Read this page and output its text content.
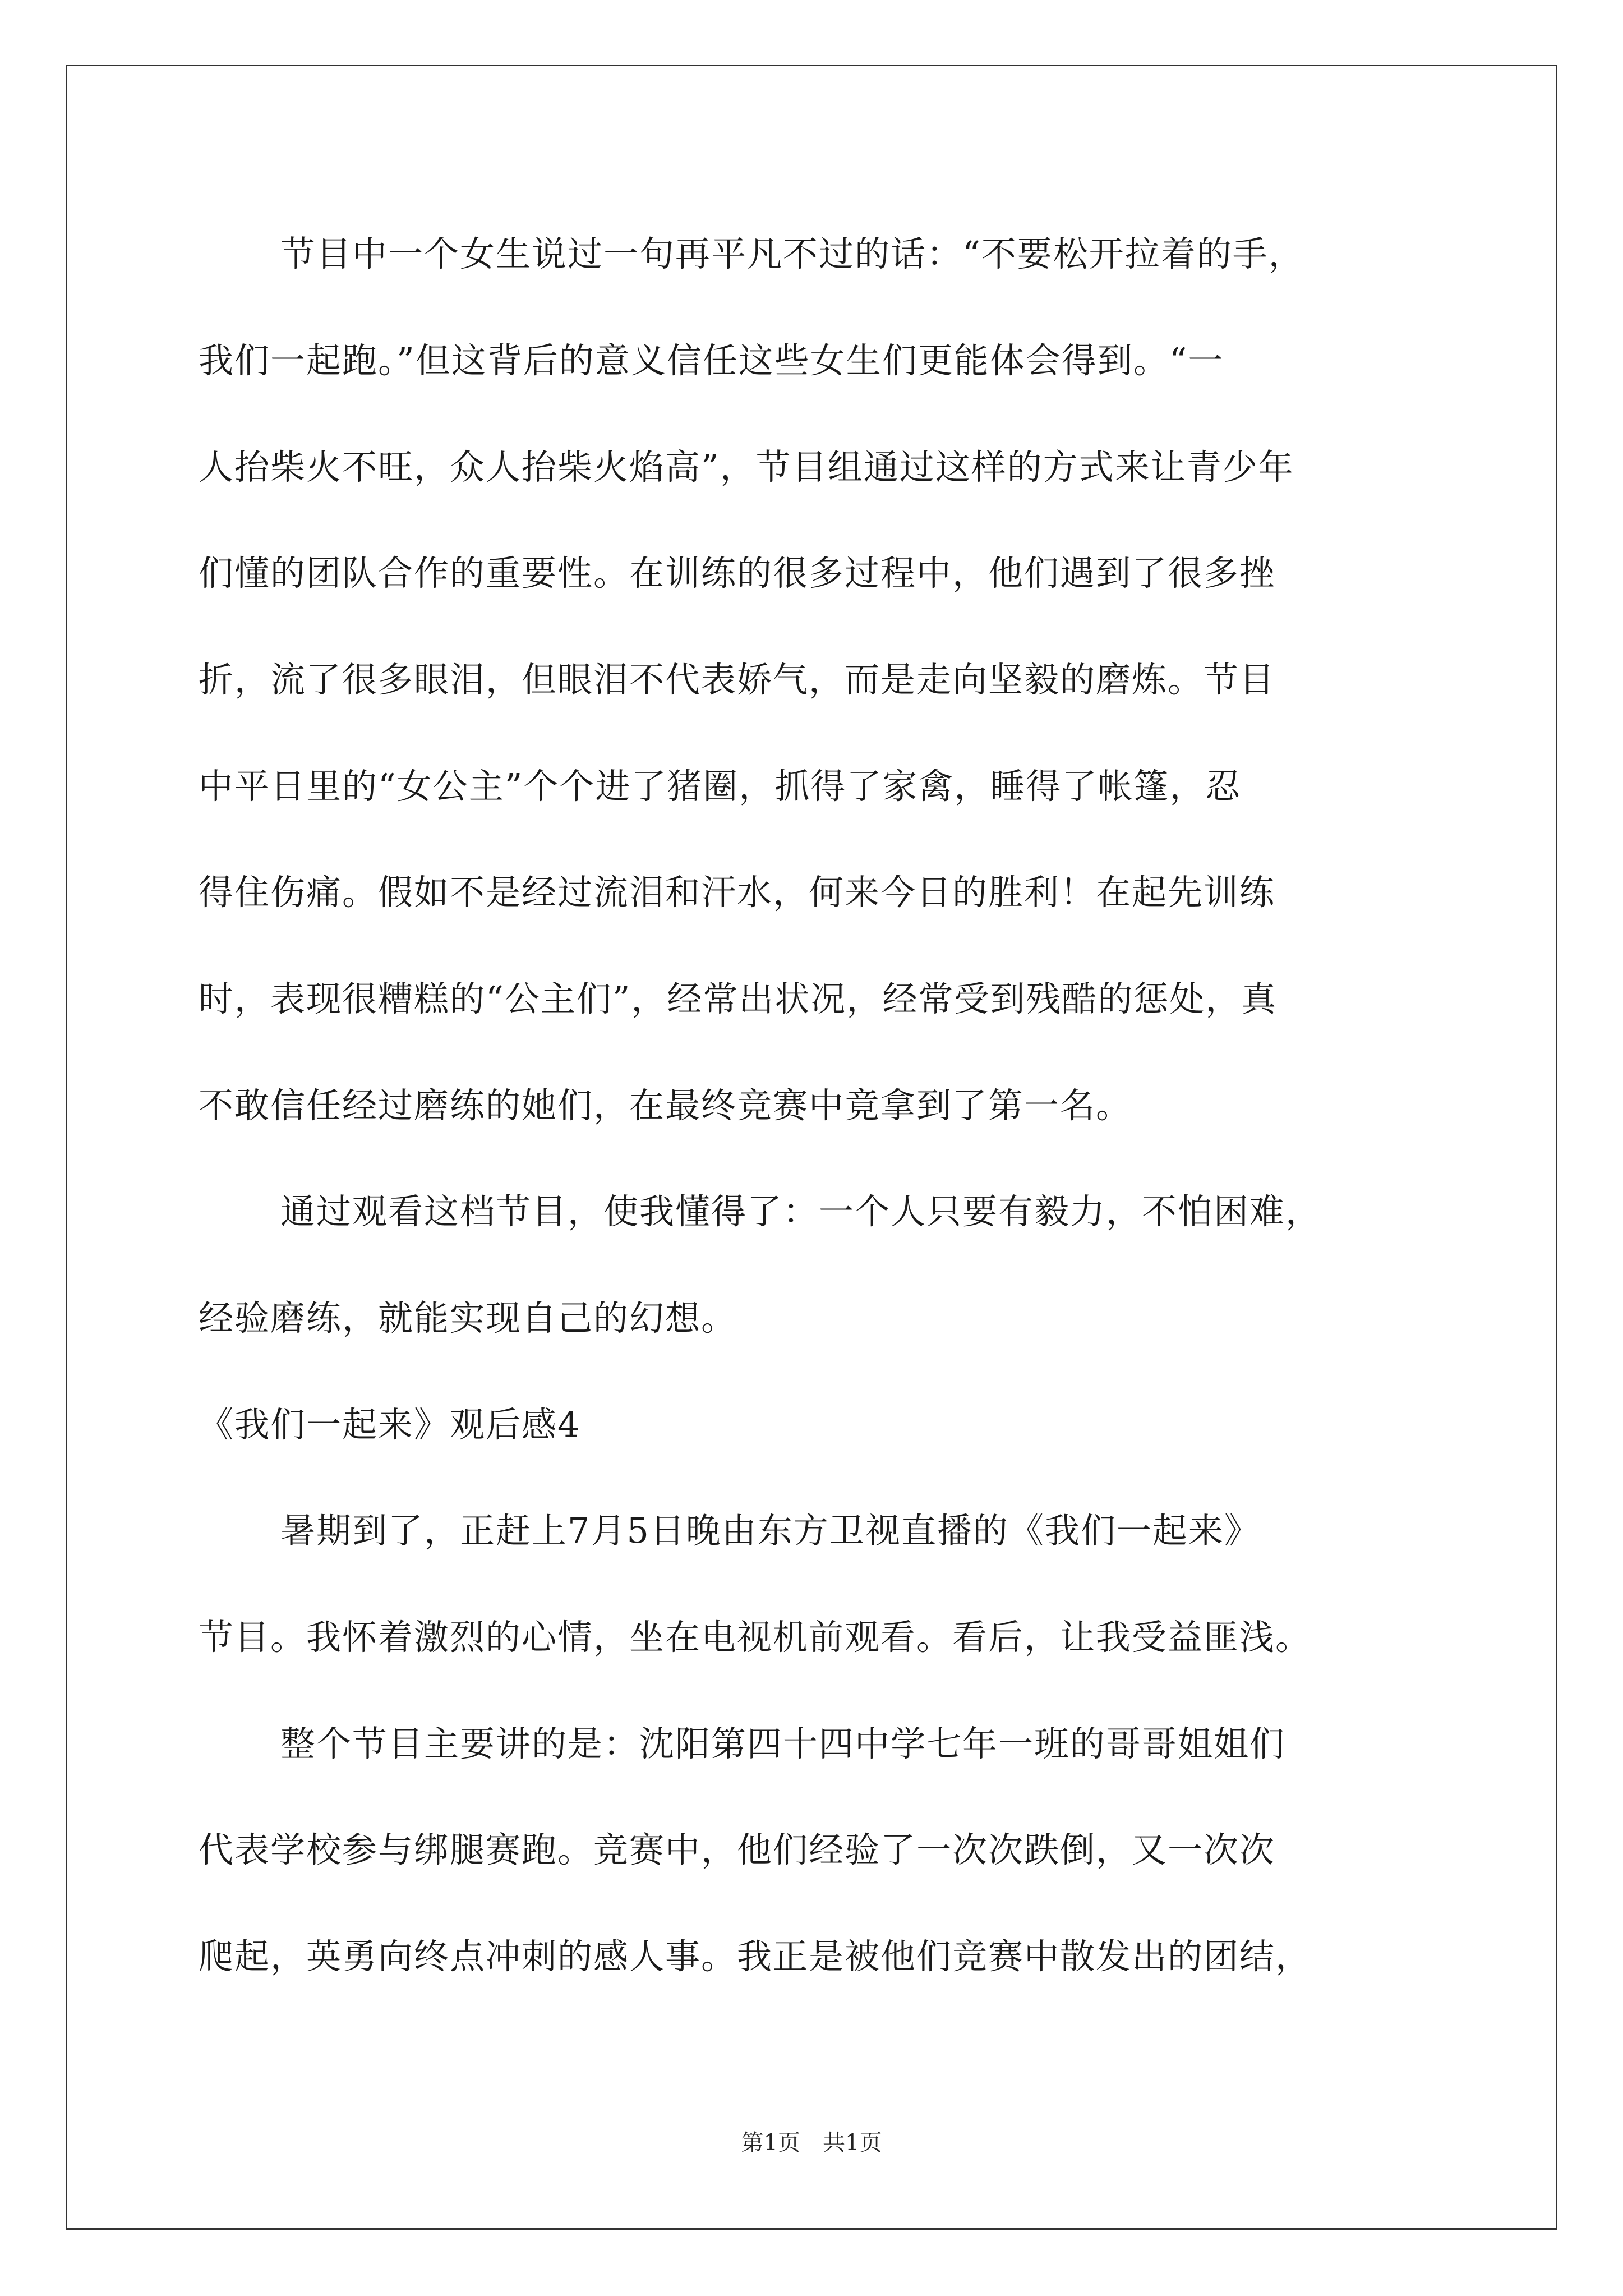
节目中一个女生说过一句再平凡不过的话：“不要松开拉着的手，
我们一起跑。”但这背后的意义信任这些女生们更能体会得到。“一
人抬柴火不旺，众人抬柴火焰高”，节目组通过这样的方式来让青少年
们懂的团队合作的重要性。在训练的很多过程中，他们遇到了很多挫
折，流了很多眼泪，但眼泪不代表娇气，而是走向坚毅的磨炼。节目
中平日里的“女公主”个个进了猪圈，抓得了家禽，睡得了帐篷，忍
得住伤痛。假如不是经过流泪和汗水，何来今日的胜利！在起先训练
时，表现很糟糕的“公主们”，经常出状况，经常受到残酷的惩处，真
不敢信任经过磨练的她们，在最终竞赛中竟拿到了第一名。
通过观看这档节目，使我懂得了：一个人只要有毅力，不怕困难，
经验磨练，就能实现自己的幻想。
《我们一起来》观后感4
暑期到了，正赶上7月5日晚由东方卫视直播的《我们一起来》
节目。我怀着激烈的心情，坐在电视机前观看。看后，让我受益匪浅。
整个节目主要讲的是：沈阳第四十四中学七年一班的哥哥姐姐们
代表学校参与绑腿赛跑。竞赛中，他们经验了一次次跌倒，又一次次
爬起，英勇向终点冲刺的感人事。我正是被他们竞赛中散发出的团结，
第1页　共1页
